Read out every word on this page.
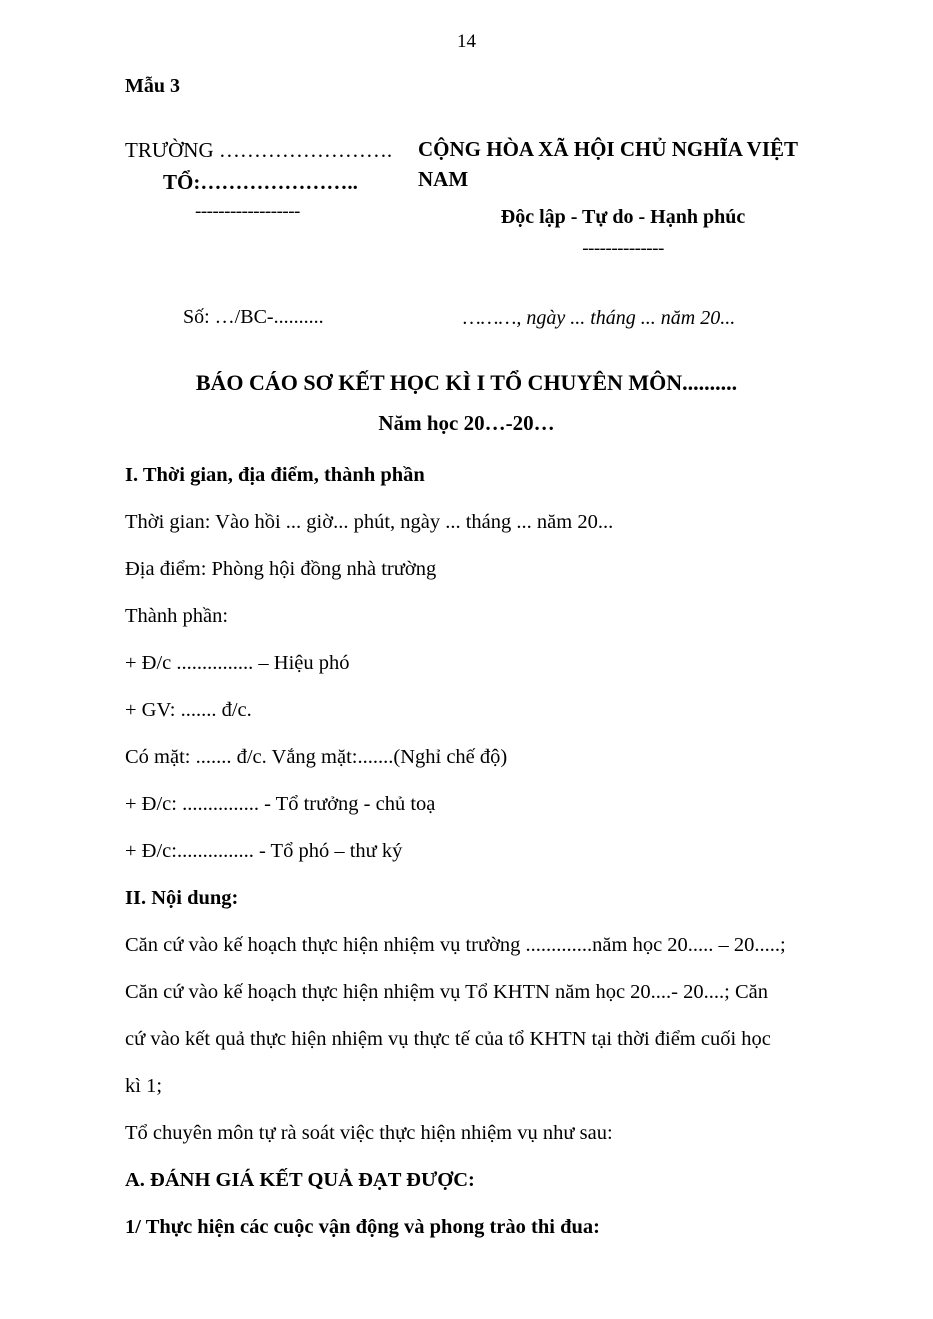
14
Mẫu 3
TRƯỜNG …………………….
TỔ:…………………..
------------------
CỘNG HÒA XÃ HỘI CHỦ NGHĨA VIỆT NAM
Độc lập - Tự do - Hạnh phúc
--------------
Số: …/BC-..........	………, ngày ... tháng ... năm 20...
BÁO CÁO SƠ KẾT HỌC KÌ I TỔ CHUYÊN MÔN..........
Năm học 20…-20…
I. Thời gian, địa điểm, thành phần
Thời gian: Vào hồi ... giờ... phút, ngày ... tháng ... năm 20...
Địa điểm: Phòng hội đồng nhà trường
Thành phần:
+ Đ/c ............... – Hiệu phó
+ GV: ....... đ/c.
Có mặt: ....... đ/c. Vắng mặt:.......(Nghỉ chế độ)
+ Đ/c: ............... - Tổ trưởng - chủ toạ
+ Đ/c:............... - Tổ phó – thư ký
II. Nội dung:
Căn cứ vào kế hoạch thực hiện nhiệm vụ trường .............năm học 20..... – 20.....;
Căn cứ vào kế hoạch thực hiện nhiệm vụ Tổ KHTN năm học 20....- 20....; Căn
cứ vào kết quả thực hiện nhiệm vụ thực tế của tổ KHTN tại thời điểm cuối học
kì 1;
Tổ chuyên môn tự rà soát việc thực hiện nhiệm vụ như sau:
A. ĐÁNH GIÁ KẾT QUẢ ĐẠT ĐƯỢC:
1/ Thực hiện các cuộc vận động và phong trào thi đua:
